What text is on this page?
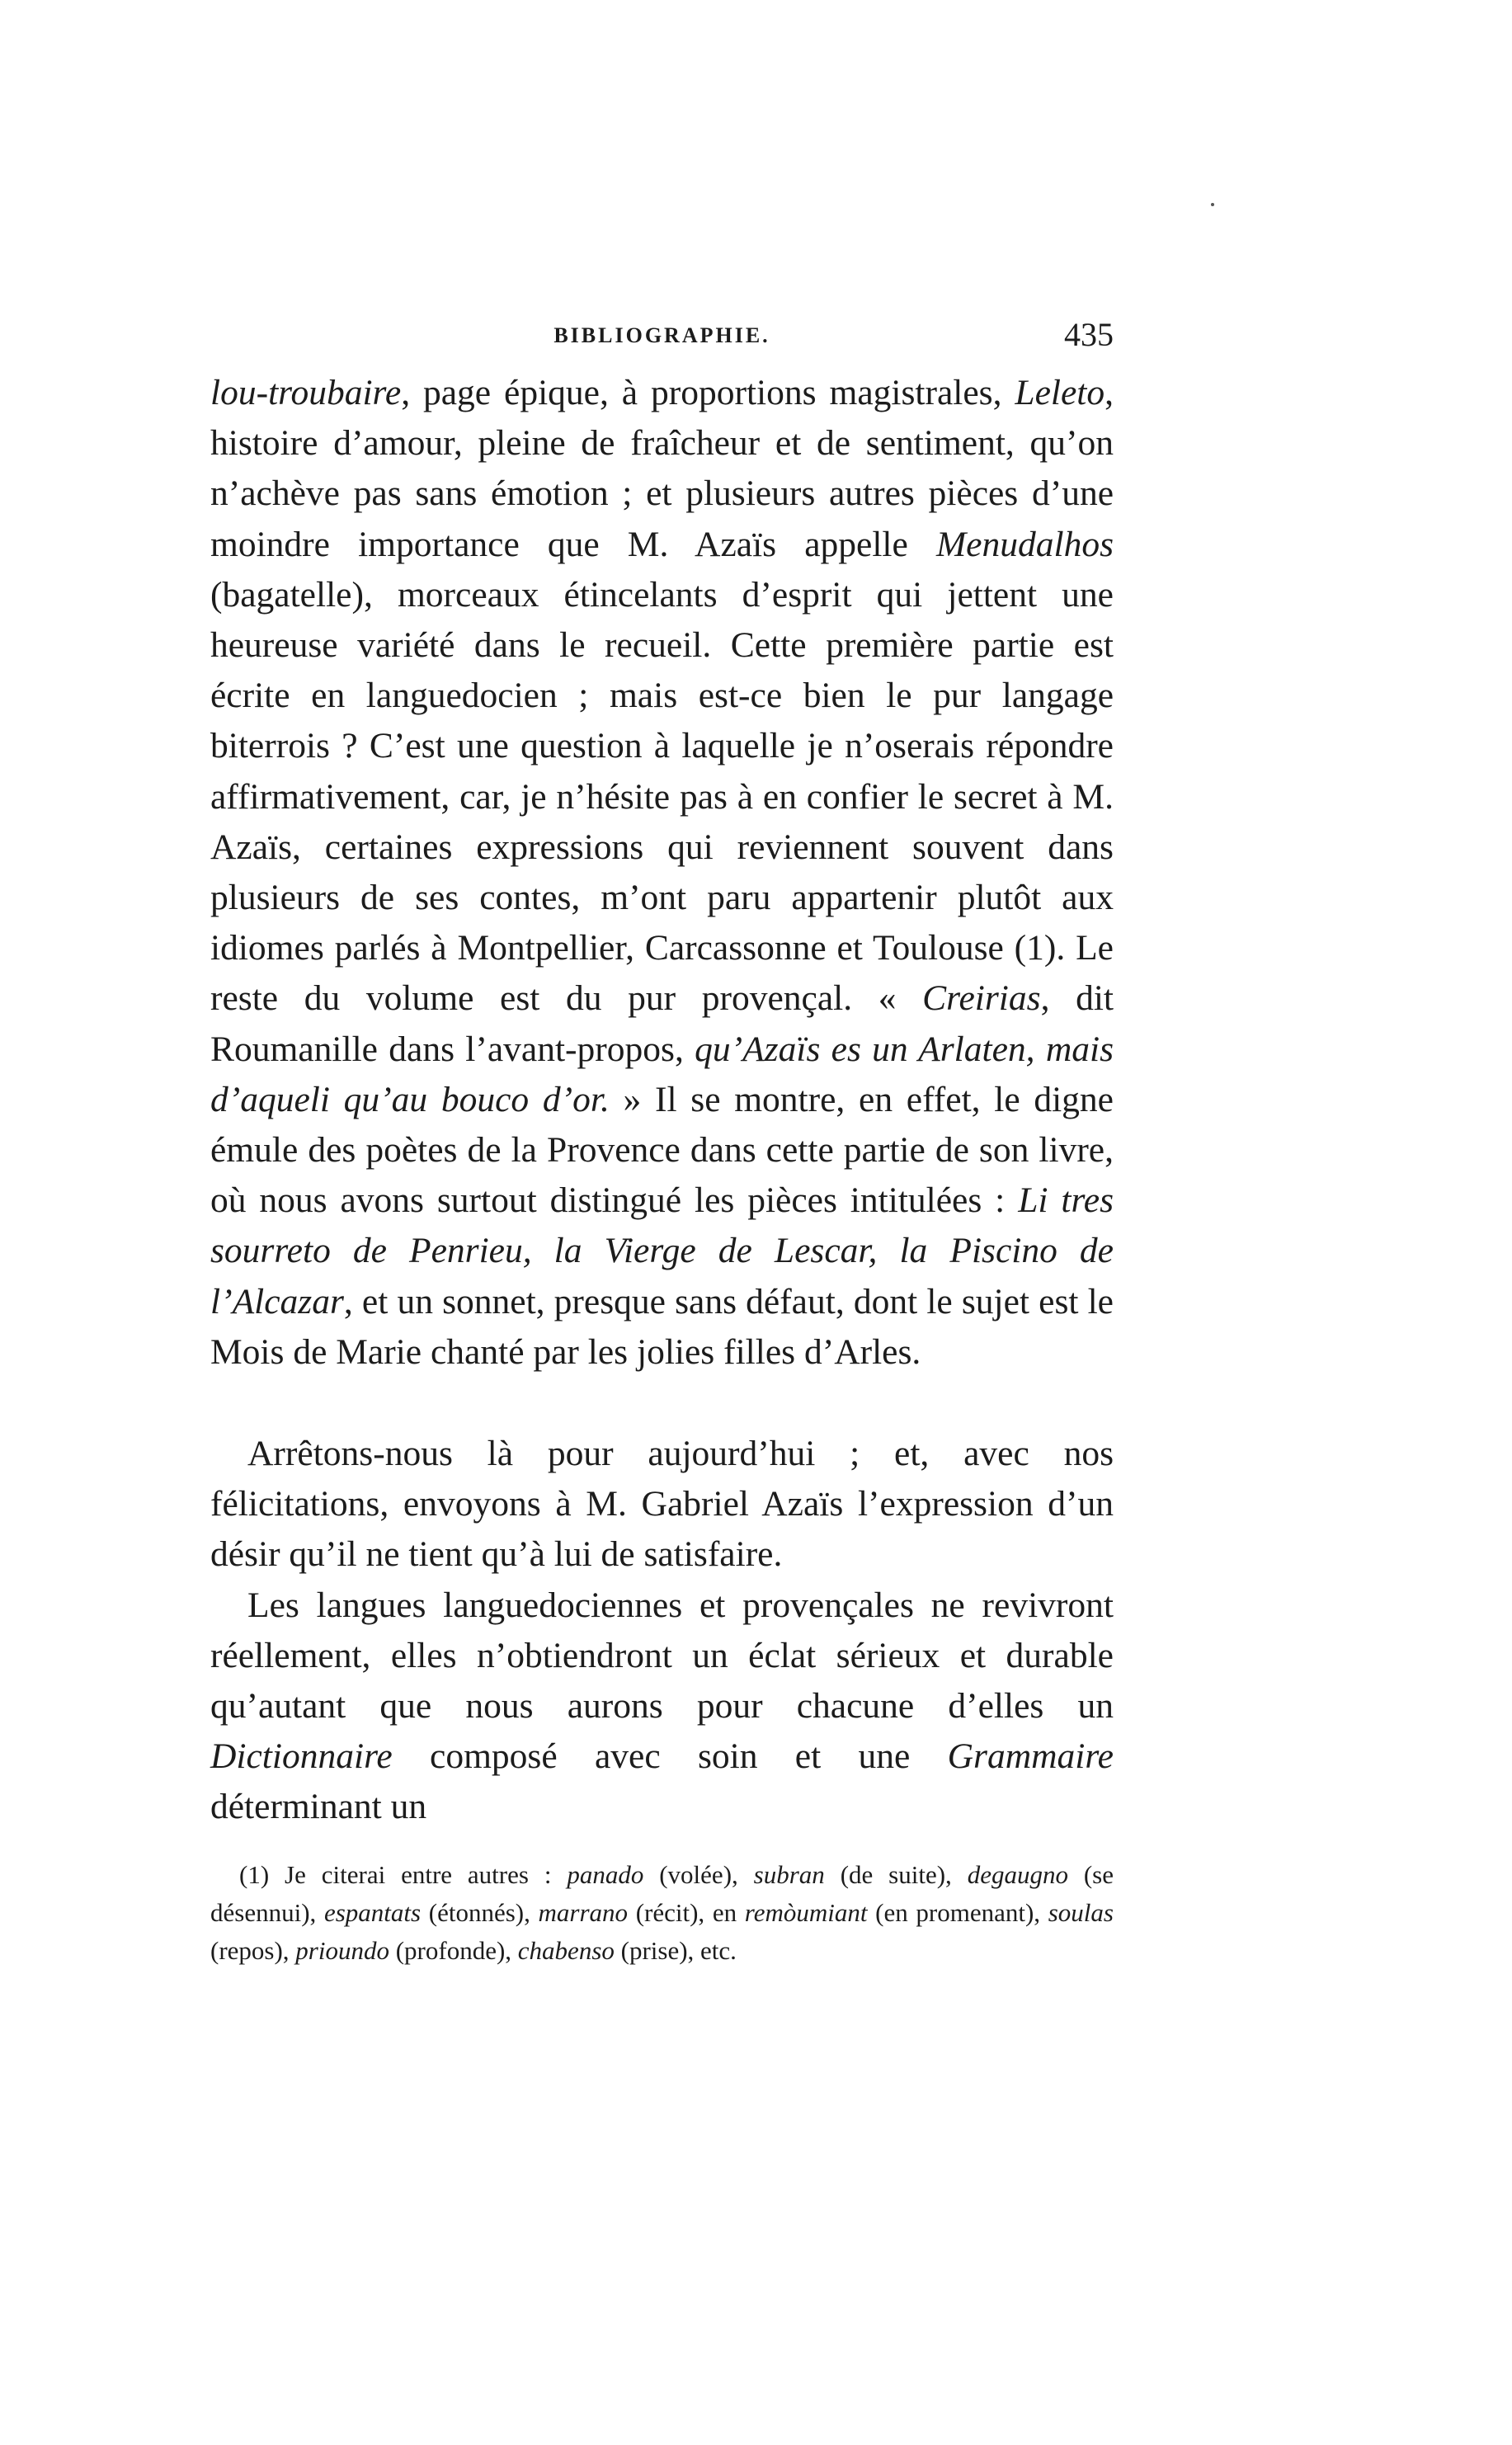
BIBLIOGRAPHIE.	435

lou-troubaire, page épique, à proportions magistrales, Leleto, histoire d’amour, pleine de fraîcheur et de sentiment, qu’on n’achève pas sans émotion ; et plusieurs autres pièces d’une moindre importance que M. Azaïs appelle Menudalhos (bagatelle), morceaux étincelants d’esprit qui jettent une heureuse variété dans le recueil. Cette première partie est écrite en languedocien ; mais est-ce bien le pur langage biterrois ? C’est une question à laquelle je n’oserais répondre affirmativement, car, je n’hésite pas à en confier le secret à M. Azaïs, certaines expressions qui reviennent souvent dans plusieurs de ses contes, m’ont paru appartenir plutôt aux idiomes parlés à Montpellier, Carcassonne et Toulouse (1). Le reste du volume est du pur provençal. « Creirias, dit Roumanille dans l’avant-propos, qu’Azaïs es un Arlaten, mais d’aqueli qu’au bouco d’or. » Il se montre, en effet, le digne émule des poètes de la Provence dans cette partie de son livre, où nous avons surtout distingué les pièces intitulées : Li tres sourreto de Penrieu, la Vierge de Lescar, la Piscino de l’Alcazar, et un sonnet, presque sans défaut, dont le sujet est le Mois de Marie chanté par les jolies filles d’Arles.

Arrêtons-nous là pour aujourd’hui ; et, avec nos félicitations, envoyons à M. Gabriel Azaïs l’expression d’un désir qu’il ne tient qu’à lui de satisfaire.

Les langues languedociennes et provençales ne revivront réellement, elles n’obtiendront un éclat sérieux et durable qu’autant que nous aurons pour chacune d’elles un Dictionnaire composé avec soin et une Grammaire déterminant un

(1) Je citerai entre autres : panado (volée), subran (de suite), degaugno (se désennui), espantats (étonnés), marrano (récit), en remòumiant (en promenant), soulas (repos), prioundo (profonde), chabenso (prise), etc.
